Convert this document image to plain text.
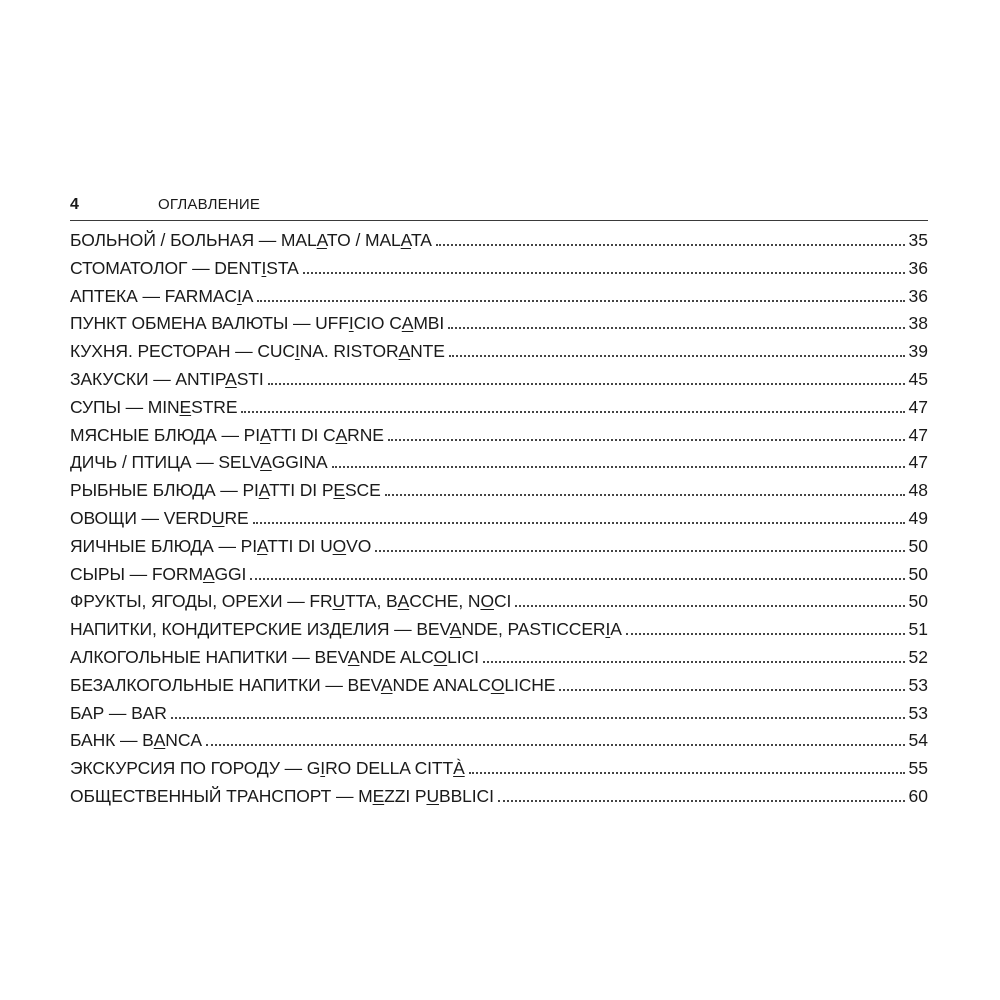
4	ОГЛАВЛЕНИЕ
БОЛЬНОЙ / БОЛЬНАЯ — MALATO / MALATA	35
СТОМАТОЛОГ — DENTISTA	36
АПТЕКА — FARMACIA	36
ПУНКТ ОБМЕНА ВАЛЮТЫ — UFFICIO CAMBI	38
КУХНЯ. РЕСТОРАН — CUCINA. RISTORANTE	39
ЗАКУСКИ — ANTIPASTI	45
СУПЫ — MINESTRE	47
МЯСНЫЕ БЛЮДА — PIATTI DI CARNE	47
ДИЧЬ / ПТИЦА — SELVAGGINA	47
РЫБНЫЕ БЛЮДА — PIATTI DI PESCE	48
ОВОЩИ — VERDURE	49
ЯИЧНЫЕ БЛЮДА — PIATTI DI UOVO	50
СЫРЫ — FORMAGGI	50
ФРУКТЫ, ЯГОДЫ, ОРЕХИ — FRUTTA, BACCHE, NOCI	50
НАПИТКИ, КОНДИТЕРСКИЕ ИЗДЕЛИЯ — BEVANDE, PASTICCERIA	51
АЛКОГОЛЬНЫЕ НАПИТКИ — BEVANDE ALCOLICI	52
БЕЗАЛКОГОЛЬНЫЕ НАПИТКИ — BEVANDE ANALCOLICHE	53
БАР — BAR	53
БАНК — BANCA	54
ЭКСКУРСИЯ ПО ГОРОДУ — GIRO DELLA CITTÀ	55
ОБЩЕСТВЕННЫЙ ТРАНСПОРТ — MEZZI PUBBLICI	60
